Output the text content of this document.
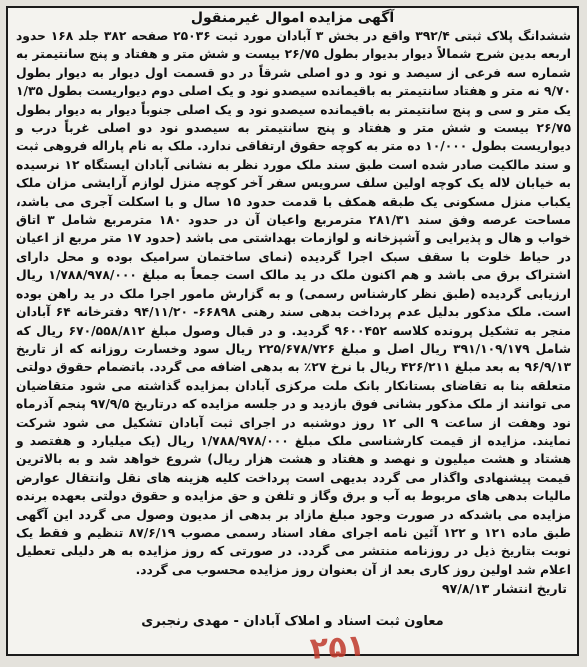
آگهی مزایده اموال غیرمنقول

ششدانگ پلاک ثبتی ۳۹۲/۴ واقع در بخش ۳ آبادان مورد ثبت ۲۵۰۳۶ صفحه ۳۸۲ جلد ۱۶۸ حدود اربعه بدین شرح شمالاً دیوار بدیوار بطول ۲۶/۷۵ بیست و شش متر و هفتاد و پنج سانتیمتر به شماره سه فرعی از سیصد و نود و دو اصلی شرقاً در دو قسمت اول دیوار به دیوار بطول ۹/۷۰ نه متر و هفتاد سانتیمتر به باقیمانده سیصدو نود و یک اصلی دوم دیواریست بطول ۱/۳۵ یک متر و سی و پنج سانتیمتر به باقیمانده سیصدو نود و یک اصلی جنوباً دیوار به دیوار بطول ۲۶/۷۵ بیست و شش متر و هفتاد و پنج سانتیمتر به سیصدو نود دو اصلی غرباً درب و دیواریست بطول ۱۰/۰۰۰ ده متر به کوچه حقوق ارتفاقی ندارد. ملک به نام پاراله فروهی ثبت و سند مالکیت صادر شده است طبق سند ملک مورد نظر به نشانی آبادان ایستگاه ۱۲ نرسیده به خیابان لاله یک کوچه اولین سلف سرویس سفر آخر کوچه منزل لوازم آرایشی مزان ملک یکباب منزل مسکونی یک طبقه همکف با قدمت حدود ۱۵ سال و با اسکلت آجری می باشد، مساحت عرصه وفق سند ۲۸۱/۳۱ مترمربع واعیان آن در حدود ۱۸۰ مترمربع شامل ۳ اتاق خواب و هال و پذیرایی و آشپزخانه و لوازمات بهداشتی می باشد (حدود ۱۷ متر مربع از اعیان در حیاط خلوت با سقف سبک اجرا گردیده (نمای ساختمان سرامیک بوده و محل دارای اشتراک برق می باشد و هم اکنون ملک در ید مالک است جمعاً به مبلغ ۱/۷۸۸/۹۷۸/۰۰۰ ریال ارزیابی گردیده (طبق نظر کارشناس رسمی) و به گزارش مامور اجرا ملک در ید راهن بوده است. ملک مذکور بدلیل عدم پرداخت بدهی سند رهنی ۶۶۸۹۸- ۹۴/۱۱/۲۰ دفترخانه ۶۴ آبادان منجر به تشکیل پرونده کلاسه ۹۶۰۰۴۵۲ گردید. و در قبال وصول مبلغ ۶۷۰/۵۵۸/۸۱۲ ریال که شامل ۳۹۱/۱۰۹/۱۷۹ ریال اصل و مبلغ ۲۲۵/۶۷۸/۷۲۶ ریال سود وخسارت روزانه که از تاریخ ۹۶/۹/۱۳ به بعد مبلغ ۴۲۶/۲۱۱ ریال با نرخ ۲۷٪ به بدهی اضافه می گردد. باتضمام حقوق دولتی متعلقه بنا به تقاضای بستانکار بانک ملت مرکزی آبادان بمزایده گذاشته می شود متقاضیان می توانند از ملک مذکور بشانی فوق بازدید و در جلسه مزایده که درتاریخ ۹۷/۹/۵ پنجم آذرماه نود وهفت از ساعت ۹ الی ۱۲ روز دوشنبه در اجرای ثبت آبادان تشکیل می شود شرکت نمایند. مزایده از قیمت کارشناسی ملک مبلغ ۱/۷۸۸/۹۷۸/۰۰۰ ریال (یک میلیارد و هفتصد و هشتاد و هشت میلیون و نهصد و هفتاد و هشت هزار ریال) شروع خواهد شد و به بالاترین قیمت پیشنهادی واگذار می گردد بدیهی است پرداخت کلیه هزینه های نقل وانتقال عوارض مالیات بدهی های مربوط به آب و برق وگاز و تلفن و حق مزایده و حقوق دولتی بعهده برنده مزایده می باشدکه در صورت وجود مبلغ مازاد بر بدهی از مدیون وصول می گردد این آگهی طبق ماده ۱۲۱ و ۱۲۲ آئین نامه اجرای مفاد اسناد رسمی مصوب ۸۷/۶/۱۹ تنظیم و فقط یک نوبت بتاریخ ذیل در روزنامه منتشر می گردد. در صورتی که روز مزایده به هر دلیلی تعطیل اعلام شد اولین روز کاری بعد از آن بعنوان روز مزایده محسوب می گردد.

تاریخ انتشار ۹۷/۸/۱۳
معاون ثبت اسناد و املاک آبادان - مهدی رنجبری
۲۵۱
